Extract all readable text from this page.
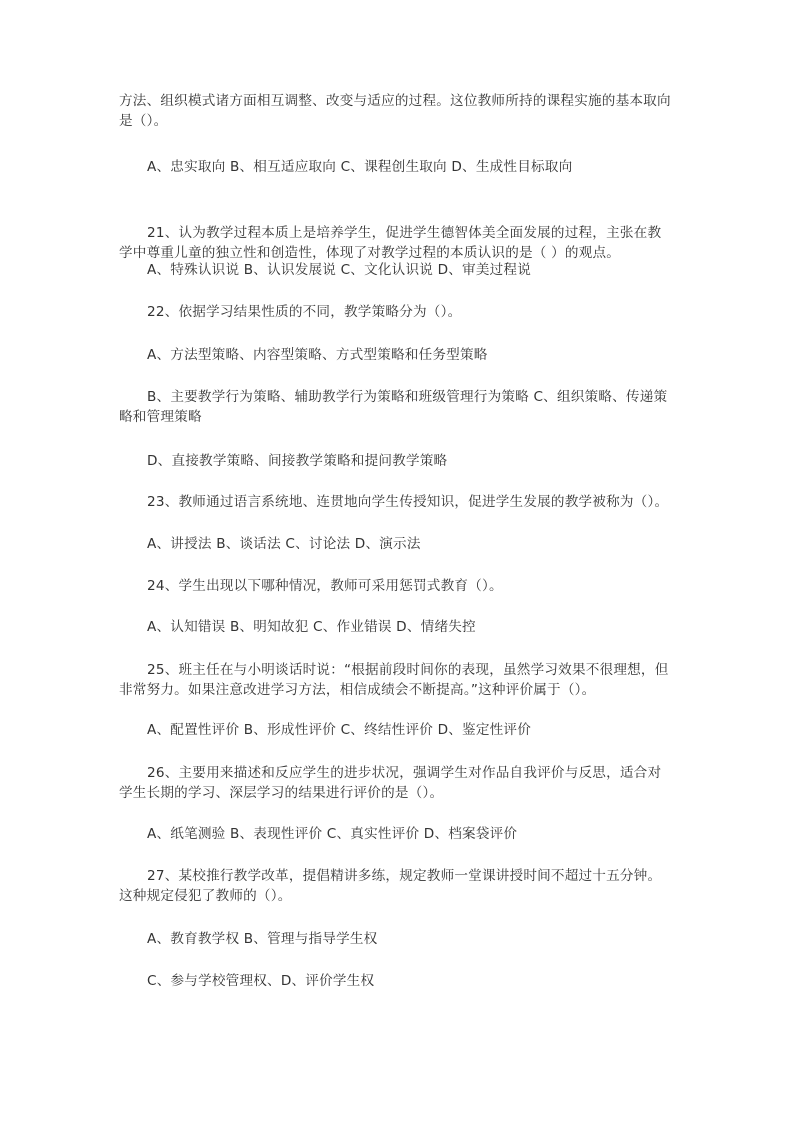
方法、组织模式诸方面相互调整、改变与适应的过程。这位教师所持的课程实施的基本取向是（）。

A、忠实取向 B、相互适应取向 C、课程创生取向 D、生成性目标取向

21、认为教学过程本质上是培养学生，促进学生德智体美全面发展的过程，主张在教学中尊重儿童的独立性和创造性，体现了对教学过程的本质认识的是（ ）的观点。

A、特殊认识说 B、认识发展说 C、文化认识说 D、审美过程说

22、依据学习结果性质的不同，教学策略分为（）。

A、方法型策略、内容型策略、方式型策略和任务型策略

B、主要教学行为策略、辅助教学行为策略和班级管理行为策略 C、组织策略、传递策略和管理策略

D、直接教学策略、间接教学策略和提问教学策略

23、教师通过语言系统地、连贯地向学生传授知识，促进学生发展的教学被称为（）。

A、讲授法 B、谈话法 C、讨论法 D、演示法

24、学生出现以下哪种情况，教师可采用惩罚式教育（）。

A、认知错误 B、明知故犯 C、作业错误 D、情绪失控

25、班主任在与小明谈话时说：“根据前段时间你的表现，虽然学习效果不很理想，但非常努力。如果注意改进学习方法，相信成绩会不断提高。”这种评价属于（）。

A、配置性评价 B、形成性评价 C、终结性评价 D、鉴定性评价

26、主要用来描述和反应学生的进步状况，强调学生对作品自我评价与反思，适合对学生长期的学习、深层学习的结果进行评价的是（）。

A、纸笔测验 B、表现性评价 C、真实性评价 D、档案袋评价

27、某校推行教学改革，提倡精讲多练，规定教师一堂课讲授时间不超过十五分钟。这种规定侵犯了教师的（）。

A、教育教学权 B、管理与指导学生权

C、参与学校管理权、D、评价学生权
